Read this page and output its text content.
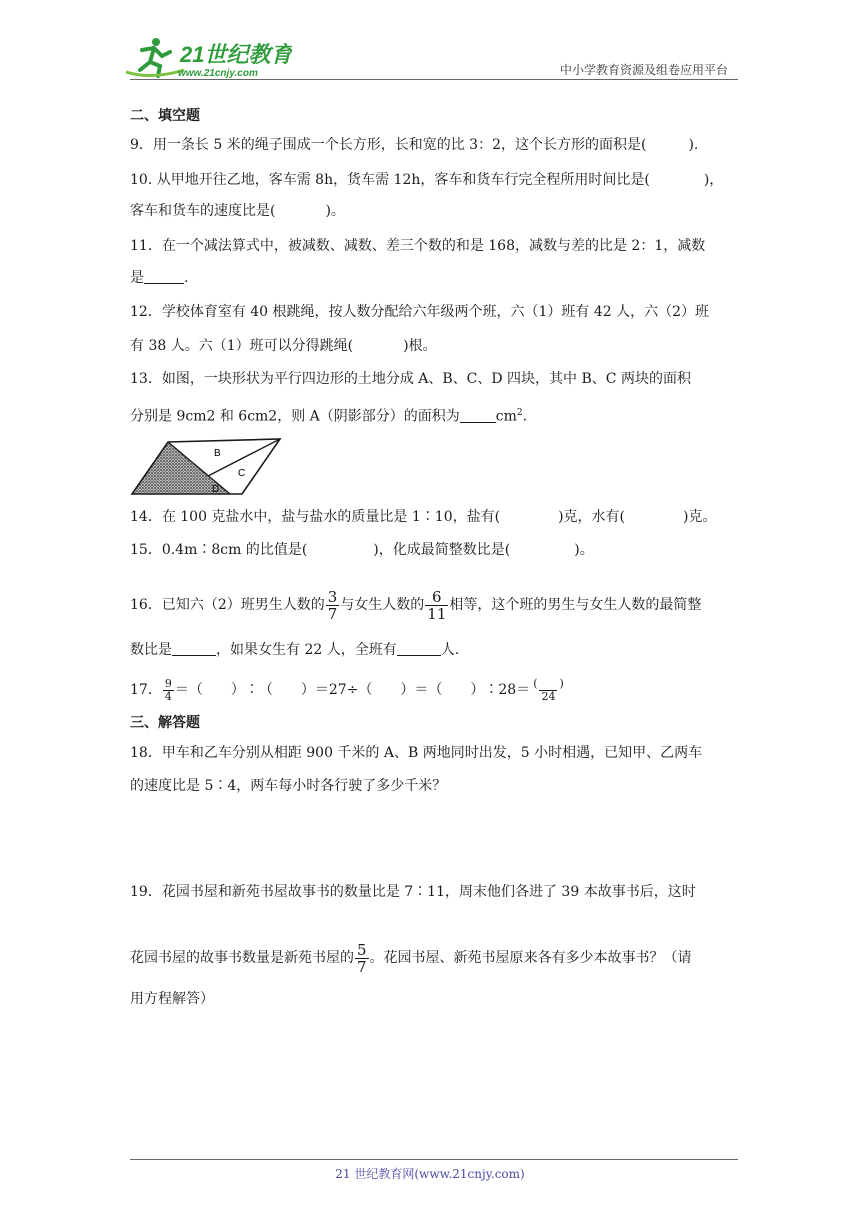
21世纪教育
www.21cnjy.com	中小学教育资源及组卷应用平台
二、填空题
9．用一条长 5 米的绳子围成一个长方形，长和宽的比 3：2，这个长方形的面积是(	).
10. 从甲地开往乙地，客车需 8h，货车需 12h，客车和货车行完全程所用时间比是(	)，
客车和货车的速度比是(	)。
11．在一个减法算式中，被减数、减数、差三个数的和是 168，减数与差的比是 2：1，减数
是	.
12．学校体育室有 40 根跳绳，按人数分配给六年级两个班，六（1）班有 42 人，六（2）班
有 38 人。六（1）班可以分得跳绳(	)根。
13．如图，一块形状为平行四边形的土地分成 A、B、C、D 四块，其中 B、C 两块的面积
分别是 9cm2 和 6cm2，则 A（阴影部分）的面积为	$cm^2$.
B
C
D
14．在 100 克盐水中，盐与盐水的质量比是 1∶10，盐有(	)克，水有(	)克。
15．0.4m∶8cm 的比值是(	)，化成最简整数比是(	)。
16．已知六（2）班男生人数的 $\frac{3}{7}$ 与女生人数的 $\frac{6}{11}$ 相等，这个班的男生与女生人数的最简整
数比是	，如果女生有 22 人，全班有	人.
17． $\frac{9}{4}$ ＝（　　）∶（　　）＝27÷（　　）＝（　　）∶28＝ $\frac{( )}{24}$
三、解答题
18．甲车和乙车分别从相距 900 千米的 A、B 两地同时出发，5 小时相遇，已知甲、乙两车
的速度比是 5∶4，两车每小时各行驶了多少千米？
19．花园书屋和新苑书屋故事书的数量比是 7∶11，周末他们各进了 39 本故事书后，这时
花园书屋的故事书数量是新苑书屋的 $\frac{5}{7}$ 。花园书屋、新苑书屋原来各有多少本故事书？（请
用方程解答）
21 世纪教育网(www.21cnjy.com)
